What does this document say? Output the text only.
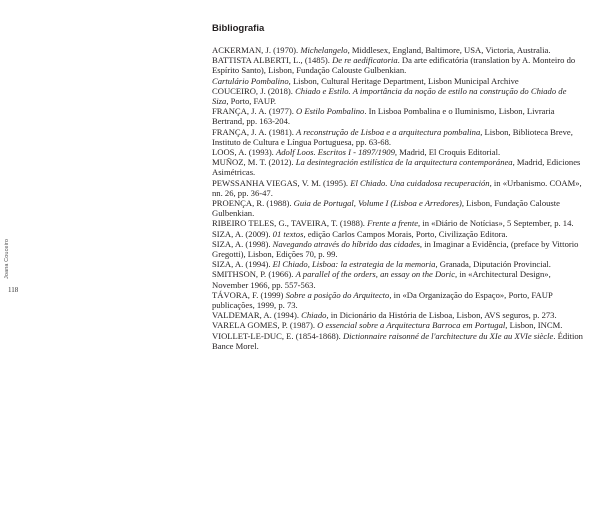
Joana Couceiro
118
Bibliografia

ACKERMAN, J. (1970). Michelangelo, Middlesex, England, Baltimore, USA, Victoria, Australia.

BATTISTA ALBERTI, L., (1485). De re aedificatoria. Da arte edificatória (translation by A. Monteiro do Espírito Santo), Lisbon, Fundação Calouste Gulbenkian.

Cartulário Pombalino, Lisbon, Cultural Heritage Department, Lisbon Municipal Archive

COUCEIRO, J. (2018). Chiado e Estilo. A importância da noção de estilo na construção do Chiado de Siza, Porto, FAUP.

FRANÇA, J. A. (1977). O Estilo Pombalino. In Lisboa Pombalina e o Iluminismo, Lisbon, Livraria Bertrand, pp. 163-204.

FRANÇA, J. A. (1981). A reconstrução de Lisboa e a arquitectura pombalina, Lisbon, Biblioteca Breve, Instituto de Cultura e Língua Portuguesa, pp. 63-68.

LOOS, A. (1993). Adolf Loos. Escritos I - 1897/1909, Madrid, El Croquis Editorial.

MUÑOZ, M. T. (2012). La desintegración estilística de la arquitectura contemporánea, Madrid, Ediciones Asimétricas.

PEWSSANHA VIEGAS, V. M. (1995). El Chiado. Una cuidadosa recuperación, in «Urbanismo. COAM», nn. 26, pp. 36-47.

PROENÇA, R. (1988). Guia de Portugal, Volume I (Lisboa e Arredores), Lisbon, Fundação Calouste Gulbenkian.

RIBEIRO TELES, G., TAVEIRA, T. (1988). Frente a frente, in «Diário de Notícias», 5 September, p. 14.

SIZA, A. (2009). 01 textos, edição Carlos Campos Morais, Porto, Civilização Editora.

SIZA, A. (1998). Navegando através do híbrido das cidades, in Imaginar a Evidência, (preface by Vittorio Gregotti), Lisbon, Edições 70, p. 99.

SIZA, A. (1994). El Chiado, Lisboa: la estrategia de la memoria, Granada, Diputación Provincial.

SMITHSON, P. (1966). A parallel of the orders, an essay on the Doric, in «Architectural Design», November 1966, pp. 557-563.

TÁVORA, F. (1999) Sobre a posição do Arquitecto, in «Da Organização do Espaço», Porto, FAUP publicações, 1999, p. 73.

VALDEMAR, A. (1994). Chiado, in Dicionário da História de Lisboa, Lisbon, AVS seguros, p. 273.

VARELA GOMES, P. (1987). O essencial sobre a Arquitectura Barroca em Portugal, Lisbon, INCM.

VIOLLET-LE-DUC, E. (1854-1868). Dictionnaire raisonné de l'architecture du XIe au XVIe siècle. Édition Bance Morel.
